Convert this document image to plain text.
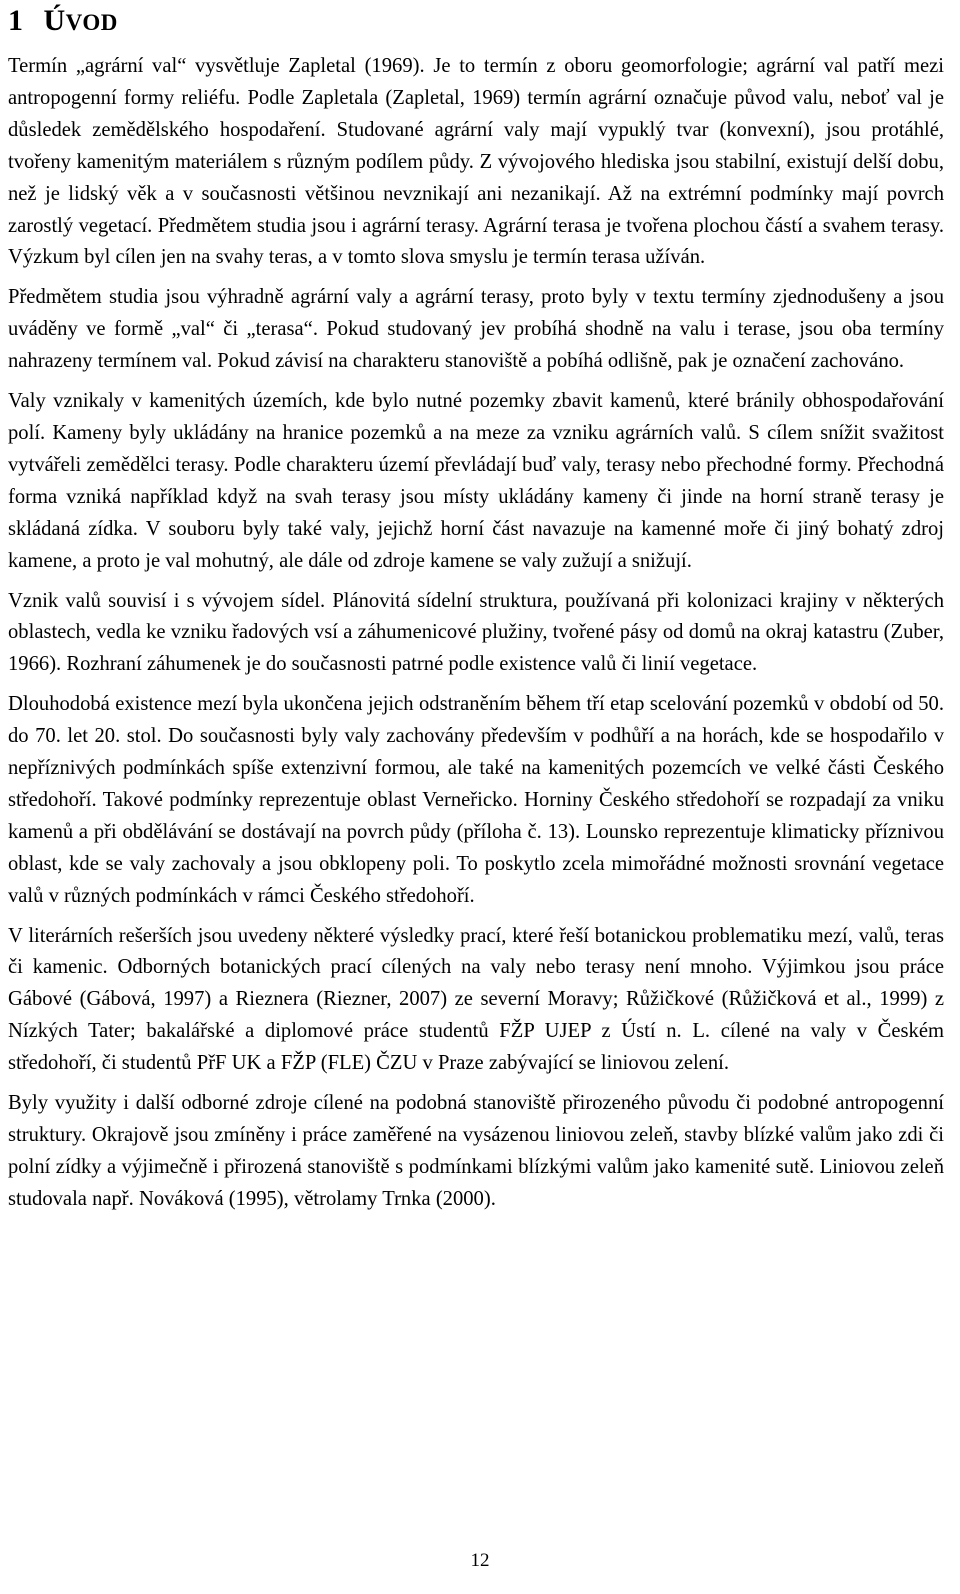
1 ÚVOD

Termín „agrární val“ vysvětluje Zapletal (1969). Je to termín z oboru geomorfologie; agrární val patří mezi antropogenní formy reliéfu. Podle Zapletala (Zapletal, 1969) termín agrární označuje původ valu, neboť val je důsledek zemědělského hospodaření. Studované agrární valy mají vypuklý tvar (konvexní), jsou protáhlé, tvořeny kamenitým materiálem s různým podílem půdy. Z vývojového hlediska jsou stabilní, existují delší dobu, než je lidský věk a v současnosti většinou nevznikají ani nezanikají. Až na extrémní podmínky mají povrch zarostlý vegetací. Předmětem studia jsou i agrární terasy. Agrární terasa je tvořena plochou částí a svahem terasy. Výzkum byl cílen jen na svahy teras, a v tomto slova smyslu je termín terasa užíván.

Předmětem studia jsou výhradně agrární valy a agrární terasy, proto byly v textu termíny zjednodušeny a jsou uváděny ve formě „val“ či „terasa“. Pokud studovaný jev probíhá shodně na valu i terase, jsou oba termíny nahrazeny termínem val. Pokud závisí na charakteru stanoviště a pobíhá odlišně, pak je označení zachováno.

Valy vznikaly v kamenitých územích, kde bylo nutné pozemky zbavit kamenů, které bránily obhospodařování polí. Kameny byly ukládány na hranice pozemků a na meze za vzniku agrárních valů. S cílem snížit svažitost vytvářeli zemědělci terasy. Podle charakteru území převládají buď valy, terasy nebo přechodné formy. Přechodná forma vzniká například když na svah terasy jsou místy ukládány kameny či jinde na horní straně terasy je skládaná zídka. V souboru byly také valy, jejichž horní část navazuje na kamenné moře či jiný bohatý zdroj kamene, a proto je val mohutný, ale dále od zdroje kamene se valy zužují a snižují.

Vznik valů souvisí i s vývojem sídel. Plánovitá sídelní struktura, používaná při kolonizaci krajiny v některých oblastech, vedla ke vzniku řadových vsí a záhumenicové plužiny, tvořené pásy od domů na okraj katastru (Zuber, 1966). Rozhraní záhumenek je do současnosti patrné podle existence valů či linií vegetace.

Dlouhodobá existence mezí byla ukončena jejich odstraněním během tří etap scelování pozemků v období od 50. do 70. let 20. stol. Do současnosti byly valy zachovány především v podhůří a na horách, kde se hospodařilo v nepříznivých podmínkách spíše extenzivní formou, ale také na kamenitých pozemcích ve velké části Českého středohoří. Takové podmínky reprezentuje oblast Verneřicko. Horniny Českého středohoří se rozpadají za vniku kamenů a při obdělávání se dostávají na povrch půdy (příloha č. 13). Lounsko reprezentuje klimaticky příznivou oblast, kde se valy zachovaly a jsou obklopeny poli. To poskytlo zcela mimořádné možnosti srovnání vegetace valů v různých podmínkách v rámci Českého středohoří.

V literárních rešerších jsou uvedeny některé výsledky prací, které řeší botanickou problematiku mezí, valů, teras či kamenic. Odborných botanických prací cílených na valy nebo terasy není mnoho. Výjimkou jsou práce Gábové (Gábová, 1997) a Rieznera (Riezner, 2007) ze severní Moravy; Růžičkové (Růžičková et al., 1999) z Nízkých Tater; bakalářské a diplomové práce studentů FŽP UJEP z Ústí n. L. cílené na valy v Českém středohoří, či studentů PřF UK a FŽP (FLE) ČZU v Praze zabývající se liniovou zelení.

Byly využity i další odborné zdroje cílené na podobná stanoviště přirozeného původu či podobné antropogenní struktury. Okrajově jsou zmíněny i práce zaměřené na vysázenou liniovou zeleň, stavby blízké valům jako zdi či polní zídky a výjimečně i přirozená stanoviště s podmínkami blízkými valům jako kamenité sutě. Liniovou zeleň studovala např. Nováková (1995), větrolamy Trnka (2000).

12
